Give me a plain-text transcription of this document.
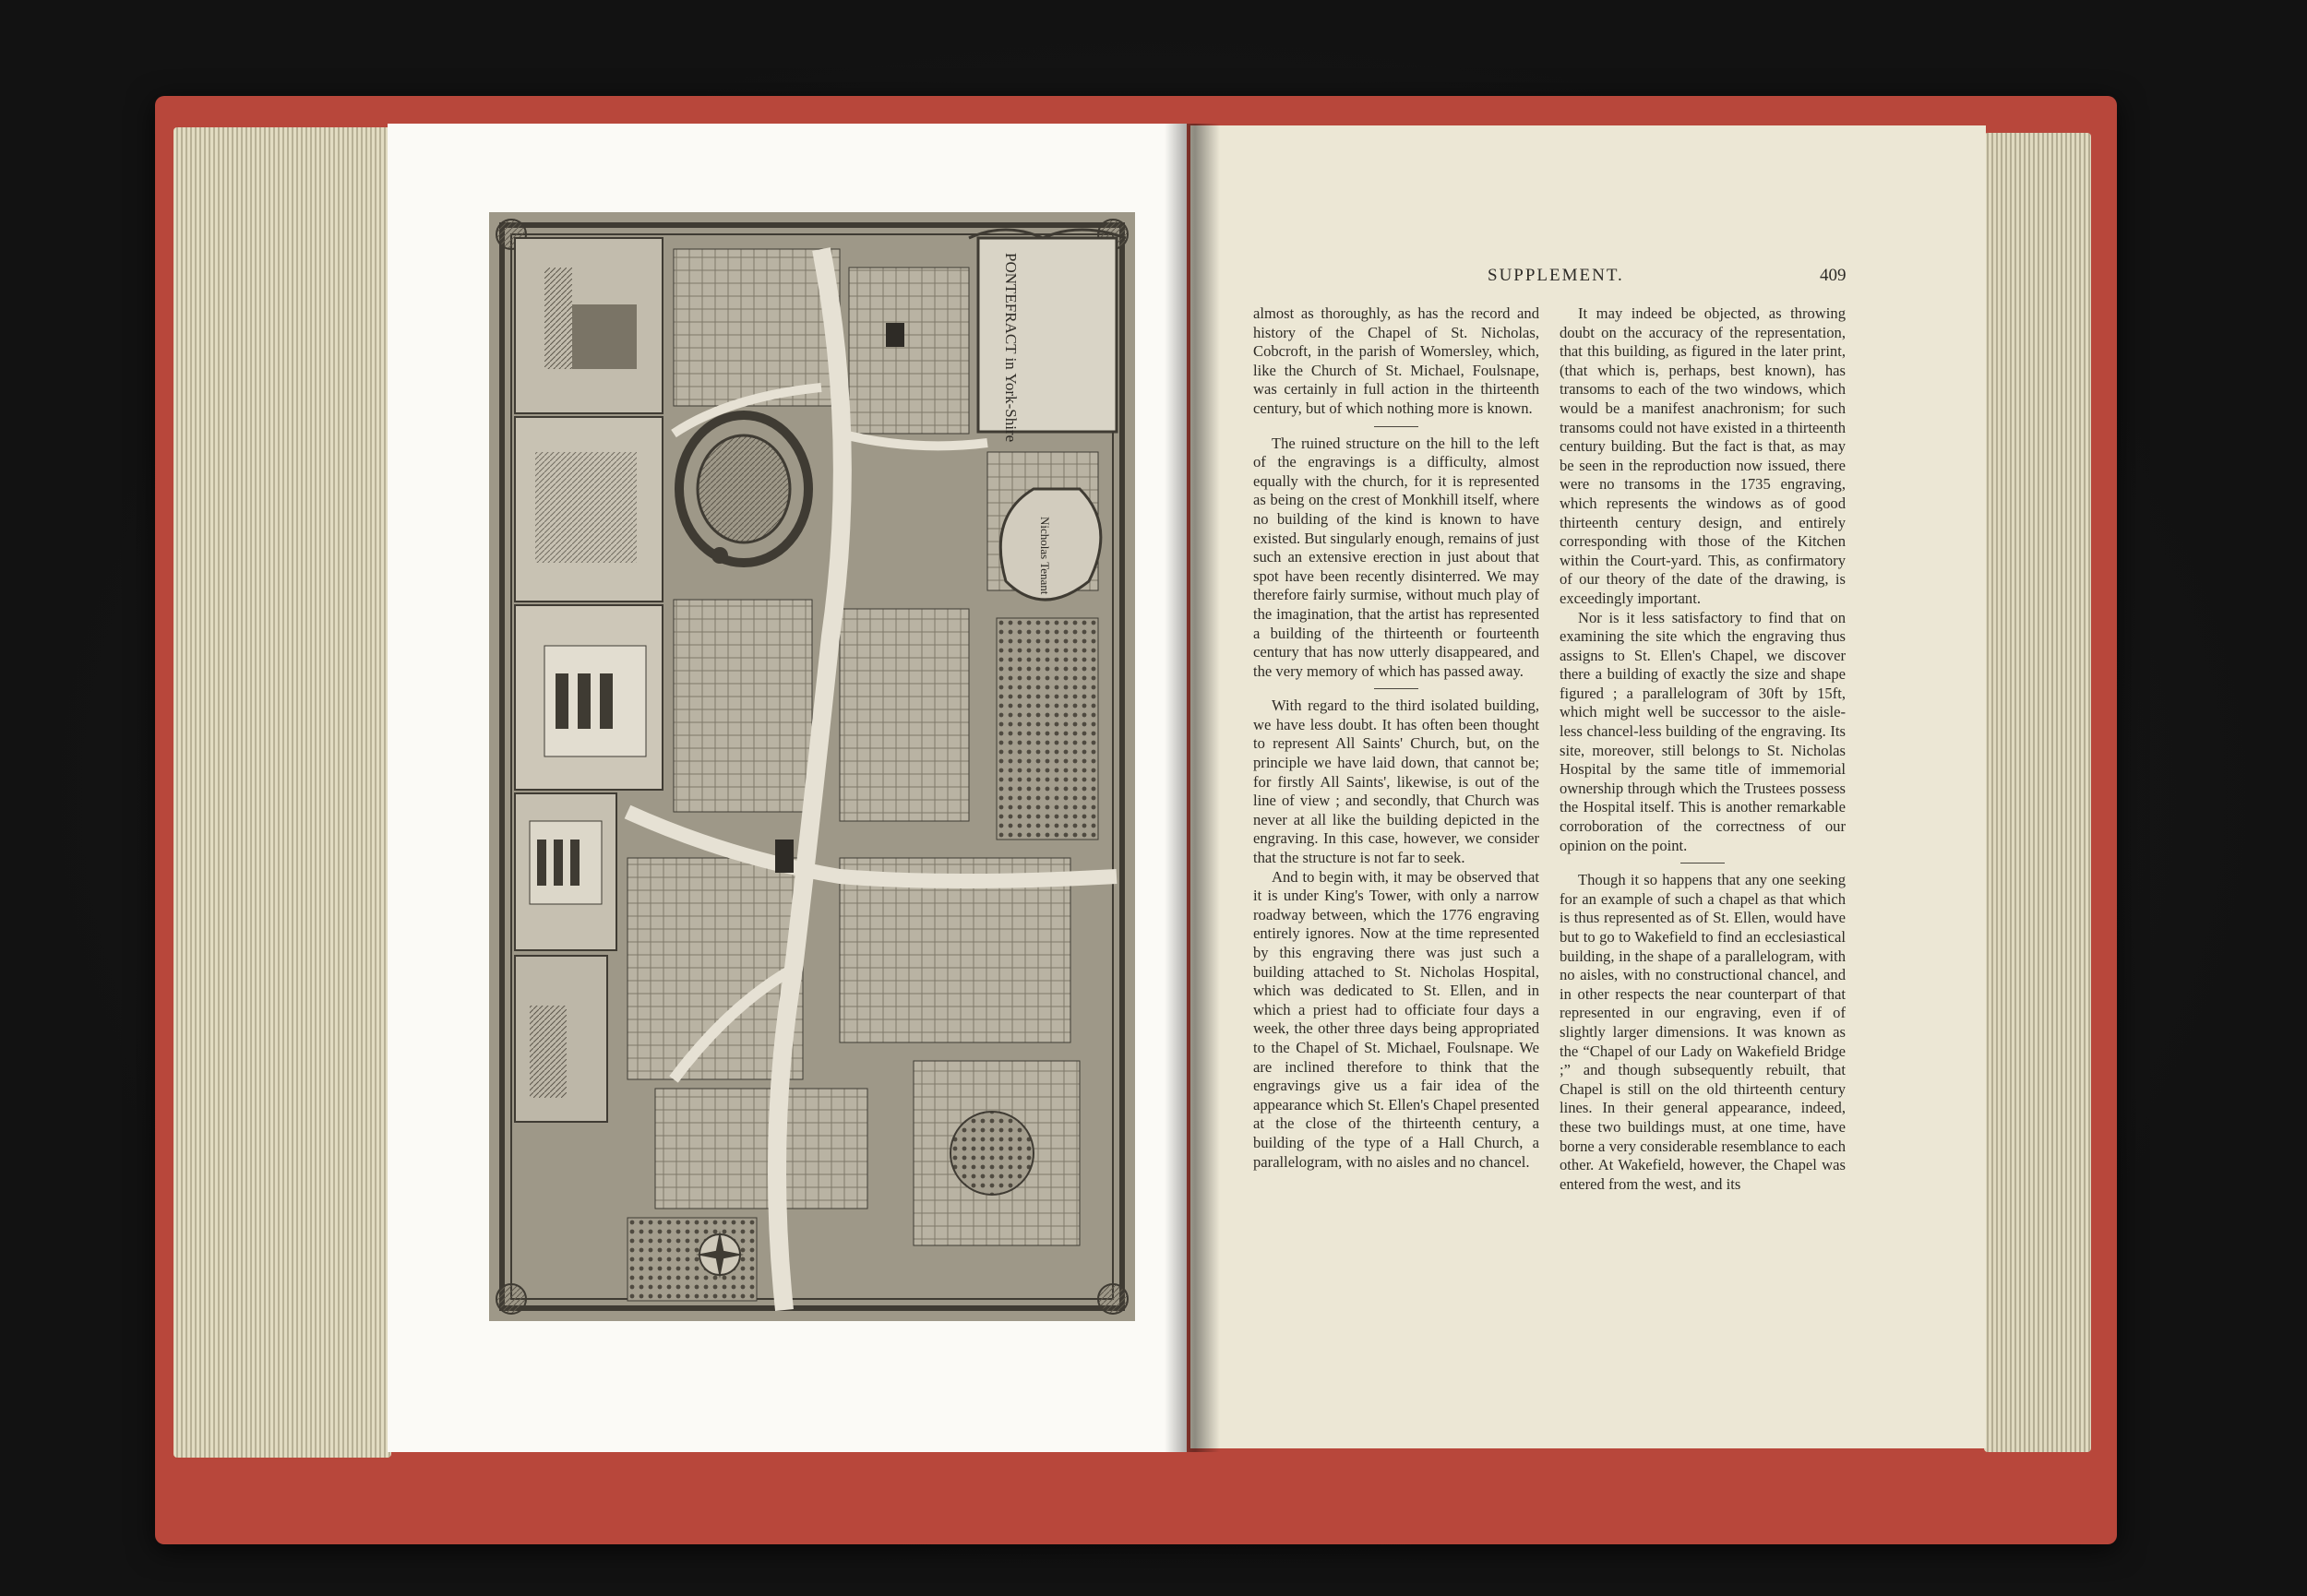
PONTEFRACT in York-Shire
Nicholas Tenant
SUPPLEMENT.	409

almost as thoroughly, as has the record and history of the Chapel of St. Nicholas, Cobcroft, in the parish of Womersley, which, like the Church of St. Michael, Foulsnape, was certainly in full action in the thirteenth century, but of which nothing more is known.

The ruined structure on the hill to the left of the engravings is a difficulty, almost equally with the church, for it is represented as being on the crest of Monkhill itself, where no building of the kind is known to have existed. But singularly enough, remains of just such an extensive erection in just about that spot have been recently disinterred. We may therefore fairly surmise, without much play of the imagination, that the artist has represented a building of the thirteenth or fourteenth century that has now utterly disappeared, and the very memory of which has passed away.

With regard to the third isolated building, we have less doubt. It has often been thought to represent All Saints' Church, but, on the principle we have laid down, that cannot be; for firstly All Saints', likewise, is out of the line of view ; and secondly, that Church was never at all like the building depicted in the engraving. In this case, however, we consider that the structure is not far to seek.

And to begin with, it may be observed that it is under King's Tower, with only a narrow roadway between, which the 1776 engraving entirely ignores. Now at the time represented by this engraving there was just such a building attached to St. Nicholas Hospital, which was dedicated to St. Ellen, and in which a priest had to officiate four days a week, the other three days being appropriated to the Chapel of St. Michael, Foulsnape. We are inclined therefore to think that the engravings give us a fair idea of the appearance which St. Ellen's Chapel presented at the close of the thirteenth century, a building of the type of a Hall Church, a parallelogram, with no aisles and no chancel.

It may indeed be objected, as throwing doubt on the accuracy of the representation, that this building, as figured in the later print, (that which is, perhaps, best known), has transoms to each of the two windows, which would be a manifest anachronism; for such transoms could not have existed in a thirteenth century building. But the fact is that, as may be seen in the reproduction now issued, there were no transoms in the 1735 engraving, which represents the windows as of good thirteenth century design, and entirely corresponding with those of the Kitchen within the Court-yard. This, as confirmatory of our theory of the date of the drawing, is exceedingly important.

Nor is it less satisfactory to find that on examining the site which the engraving thus assigns to St. Ellen's Chapel, we discover there a building of exactly the size and shape figured ; a parallelogram of 30ft by 15ft, which might well be successor to the aisle-less chancel-less building of the engraving. Its site, moreover, still belongs to St. Nicholas Hospital by the same title of immemorial ownership through which the Trustees possess the Hospital itself. This is another remarkable corroboration of the correctness of our opinion on the point.

Though it so happens that any one seeking for an example of such a chapel as that which is thus represented as of St. Ellen, would have but to go to Wakefield to find an ecclesiastical building, in the shape of a parallelogram, with no aisles, with no constructional chancel, and in other respects the near counterpart of that represented in our engraving, even if of slightly larger dimensions. It was known as the “Chapel of our Lady on Wakefield Bridge ;” and though subsequently rebuilt, that Chapel is still on the old thirteenth century lines. In their general appearance, indeed, these two buildings must, at one time, have borne a very considerable resemblance to each other. At Wakefield, however, the Chapel was entered from the west, and its
